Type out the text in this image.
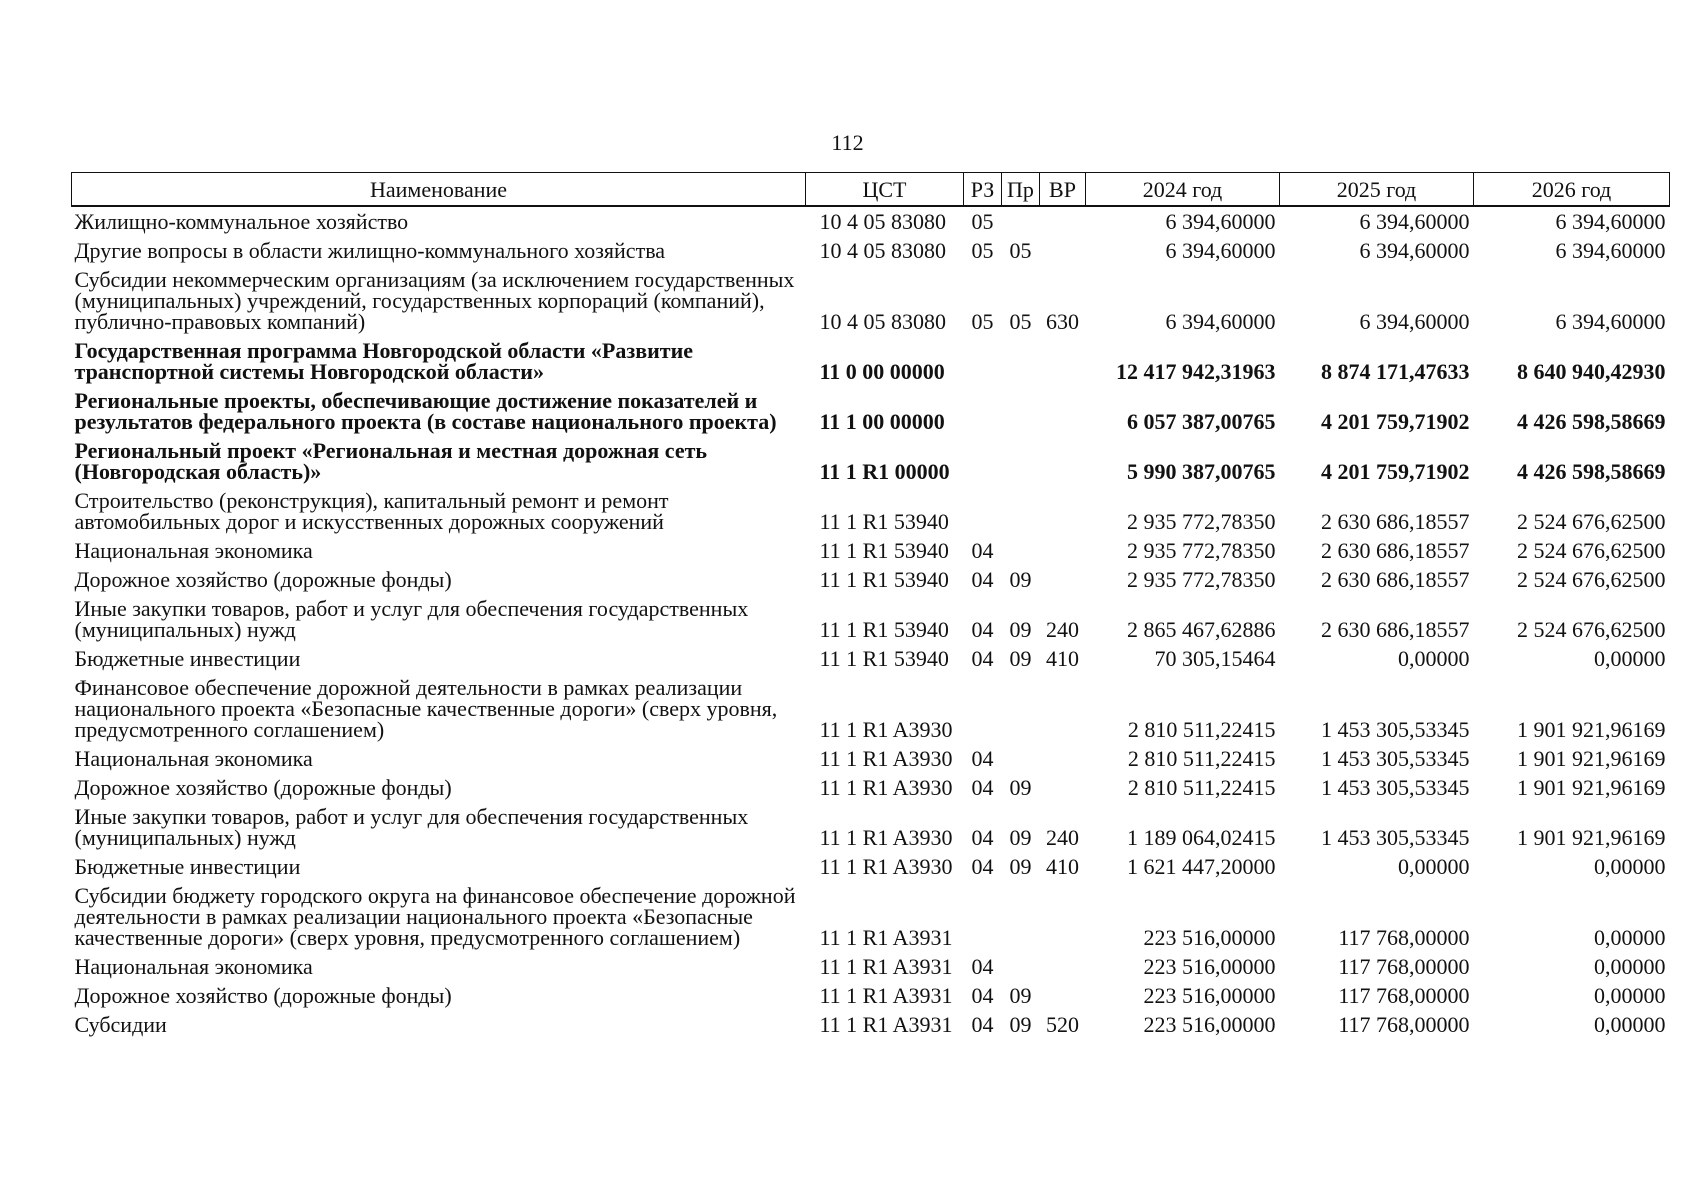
112
Наименование	ЦСТ	РЗ	Пр	ВР	2024 год	2025 год	2026 год
Жилищно-коммунальное хозяйство	10 4 05 83080	05			6 394,60000	6 394,60000	6 394,60000
Другие вопросы в области жилищно-коммунального хозяйства	10 4 05 83080	05	05		6 394,60000	6 394,60000	6 394,60000
Субсидии некоммерческим организациям (за исключением государственных (муниципальных) учреждений, государственных корпораций (компаний), публично-правовых компаний)	10 4 05 83080	05	05	630	6 394,60000	6 394,60000	6 394,60000
Государственная программа Новгородской области «Развитие транспортной системы Новгородской области»	11 0 00 00000				12 417 942,31963	8 874 171,47633	8 640 940,42930
Региональные проекты, обеспечивающие достижение показателей и результатов федерального проекта (в составе национального проекта)	11 1 00 00000				6 057 387,00765	4 201 759,71902	4 426 598,58669
Региональный проект «Региональная и местная дорожная сеть (Новгородская область)»	11 1 R1 00000				5 990 387,00765	4 201 759,71902	4 426 598,58669
Строительство (реконструкция), капитальный ремонт и ремонт автомобильных дорог и искусственных дорожных сооружений	11 1 R1 53940				2 935 772,78350	2 630 686,18557	2 524 676,62500
Национальная экономика	11 1 R1 53940	04			2 935 772,78350	2 630 686,18557	2 524 676,62500
Дорожное хозяйство (дорожные фонды)	11 1 R1 53940	04	09		2 935 772,78350	2 630 686,18557	2 524 676,62500
Иные закупки товаров, работ и услуг для обеспечения государственных (муниципальных) нужд	11 1 R1 53940	04	09	240	2 865 467,62886	2 630 686,18557	2 524 676,62500
Бюджетные инвестиции	11 1 R1 53940	04	09	410	70 305,15464	0,00000	0,00000
Финансовое обеспечение дорожной деятельности в рамках реализации национального проекта «Безопасные качественные дороги» (сверх уровня, предусмотренного соглашением)	11 1 R1 A3930				2 810 511,22415	1 453 305,53345	1 901 921,96169
Национальная экономика	11 1 R1 A3930	04			2 810 511,22415	1 453 305,53345	1 901 921,96169
Дорожное хозяйство (дорожные фонды)	11 1 R1 A3930	04	09		2 810 511,22415	1 453 305,53345	1 901 921,96169
Иные закупки товаров, работ и услуг для обеспечения государственных (муниципальных) нужд	11 1 R1 A3930	04	09	240	1 189 064,02415	1 453 305,53345	1 901 921,96169
Бюджетные инвестиции	11 1 R1 A3930	04	09	410	1 621 447,20000	0,00000	0,00000
Субсидии бюджету городского округа на финансовое обеспечение дорожной деятельности в рамках реализации национального проекта «Безопасные качественные дороги» (сверх уровня, предусмотренного соглашением)	11 1 R1 A3931				223 516,00000	117 768,00000	0,00000
Национальная экономика	11 1 R1 A3931	04			223 516,00000	117 768,00000	0,00000
Дорожное хозяйство (дорожные фонды)	11 1 R1 A3931	04	09		223 516,00000	117 768,00000	0,00000
Субсидии	11 1 R1 A3931	04	09	520	223 516,00000	117 768,00000	0,00000
